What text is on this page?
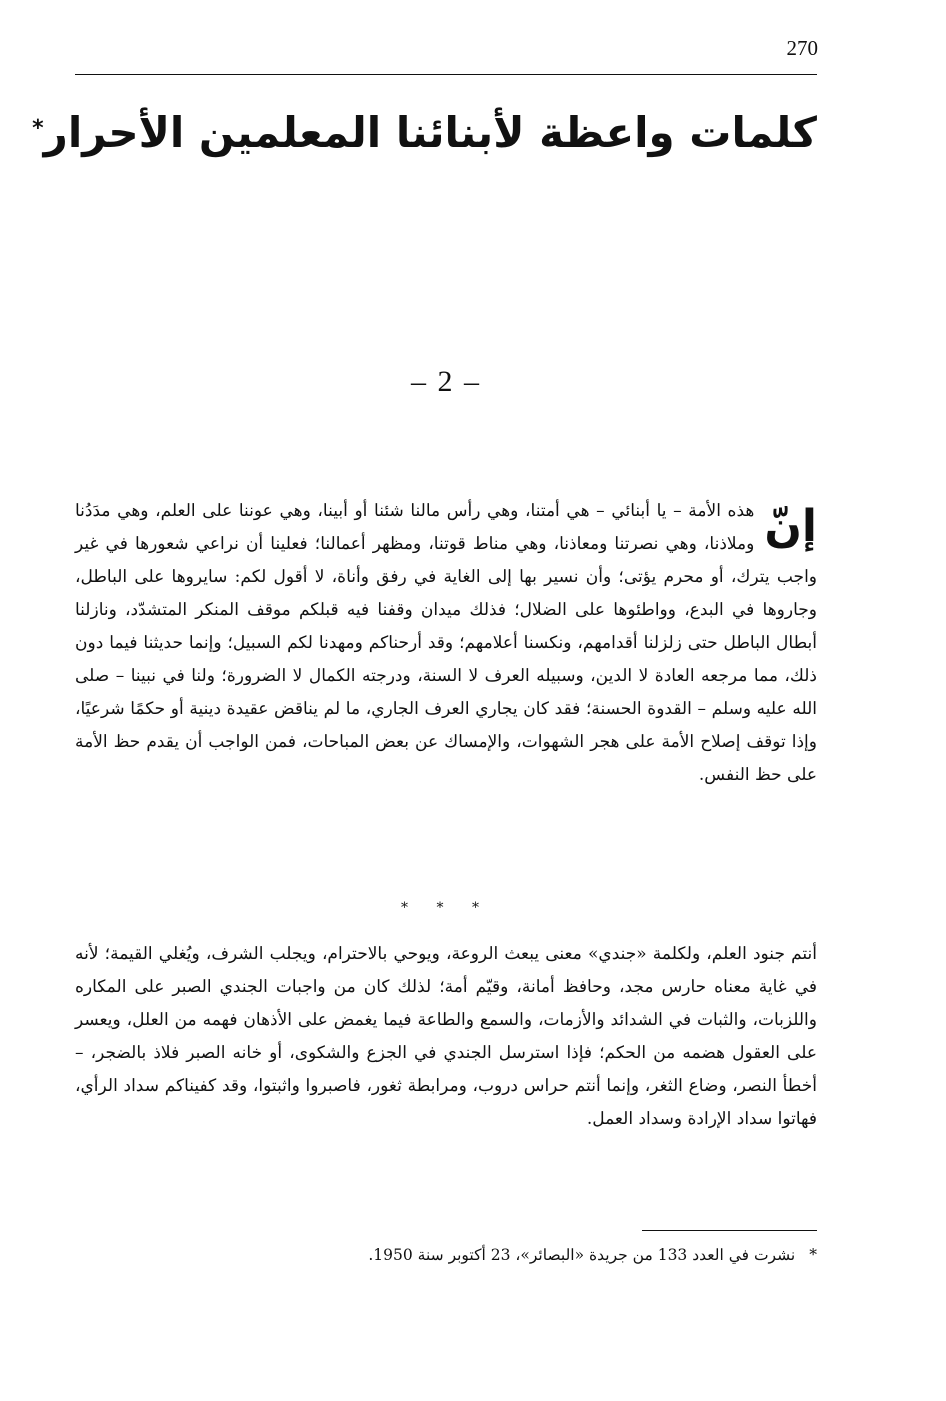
270
كلمات واعظة لأبنائنا المعلمين الأحرار*
– 2 –
إنّ
هذه الأمة – يا أبنائي – هي أمتنا، وهي رأس مالنا شئنا أو أبينا، وهي عوننا على العلم، وهي مدَدُنا وملاذنا، وهي نصرتنا ومعاذنا، وهي مناط قوتنا، ومظهر أعمالنا؛ فعلينا أن نراعي شعورها في غير واجب يترك، أو محرم يؤتى؛ وأن نسير بها إلى الغاية في رفق وأناة، لا أقول لكم: سايروها على الباطل، وجاروها في البدع، وواطئوها على الضلال؛ فذلك ميدان وقفنا فيه قبلكم موقف المنكر المتشدّد، ونازلنا أبطال الباطل حتى زلزلنا أقدامهم، ونكسنا أعلامهم؛ وقد أرحناكم ومهدنا لكم السبيل؛ وإنما حديثنا فيما دون ذلك، مما مرجعه العادة لا الدين، وسبيله العرف لا السنة، ودرجته الكمال لا الضرورة؛ ولنا في نبينا – صلى الله عليه وسلم – القدوة الحسنة؛ فقد كان يجاري العرف الجاري، ما لم يناقض عقيدة دينية أو حكمًا شرعيًا، وإذا توقف إصلاح الأمة على هجر الشهوات، والإمساك عن بعض المباحات، فمن الواجب أن يقدم حظ الأمة على حظ النفس.
* * *
أنتم جنود العلم، ولكلمة «جندي» معنى يبعث الروعة، ويوحي بالاحترام، ويجلب الشرف، ويُغلي القيمة؛ لأنه في غاية معناه حارس مجد، وحافظ أمانة، وقيّم أمة؛ لذلك كان من واجبات الجندي الصبر على المكاره واللزبات، والثبات في الشدائد والأزمات، والسمع والطاعة فيما يغمض على الأذهان فهمه من العلل، ويعسر على العقول هضمه من الحكم؛ فإذا استرسل الجندي في الجزع والشكوى، أو خانه الصبر فلاذ بالضجر، – أخطأ النصر، وضاع الثغر، وإنما أنتم حراس دروب، ومرابطة ثغور، فاصبروا واثبتوا، وقد كفيناكم سداد الرأي، فهاتوا سداد الإرادة وسداد العمل.
*نشرت في العدد 133 من جريدة «البصائر»، 23 أكتوبر سنة 1950.
